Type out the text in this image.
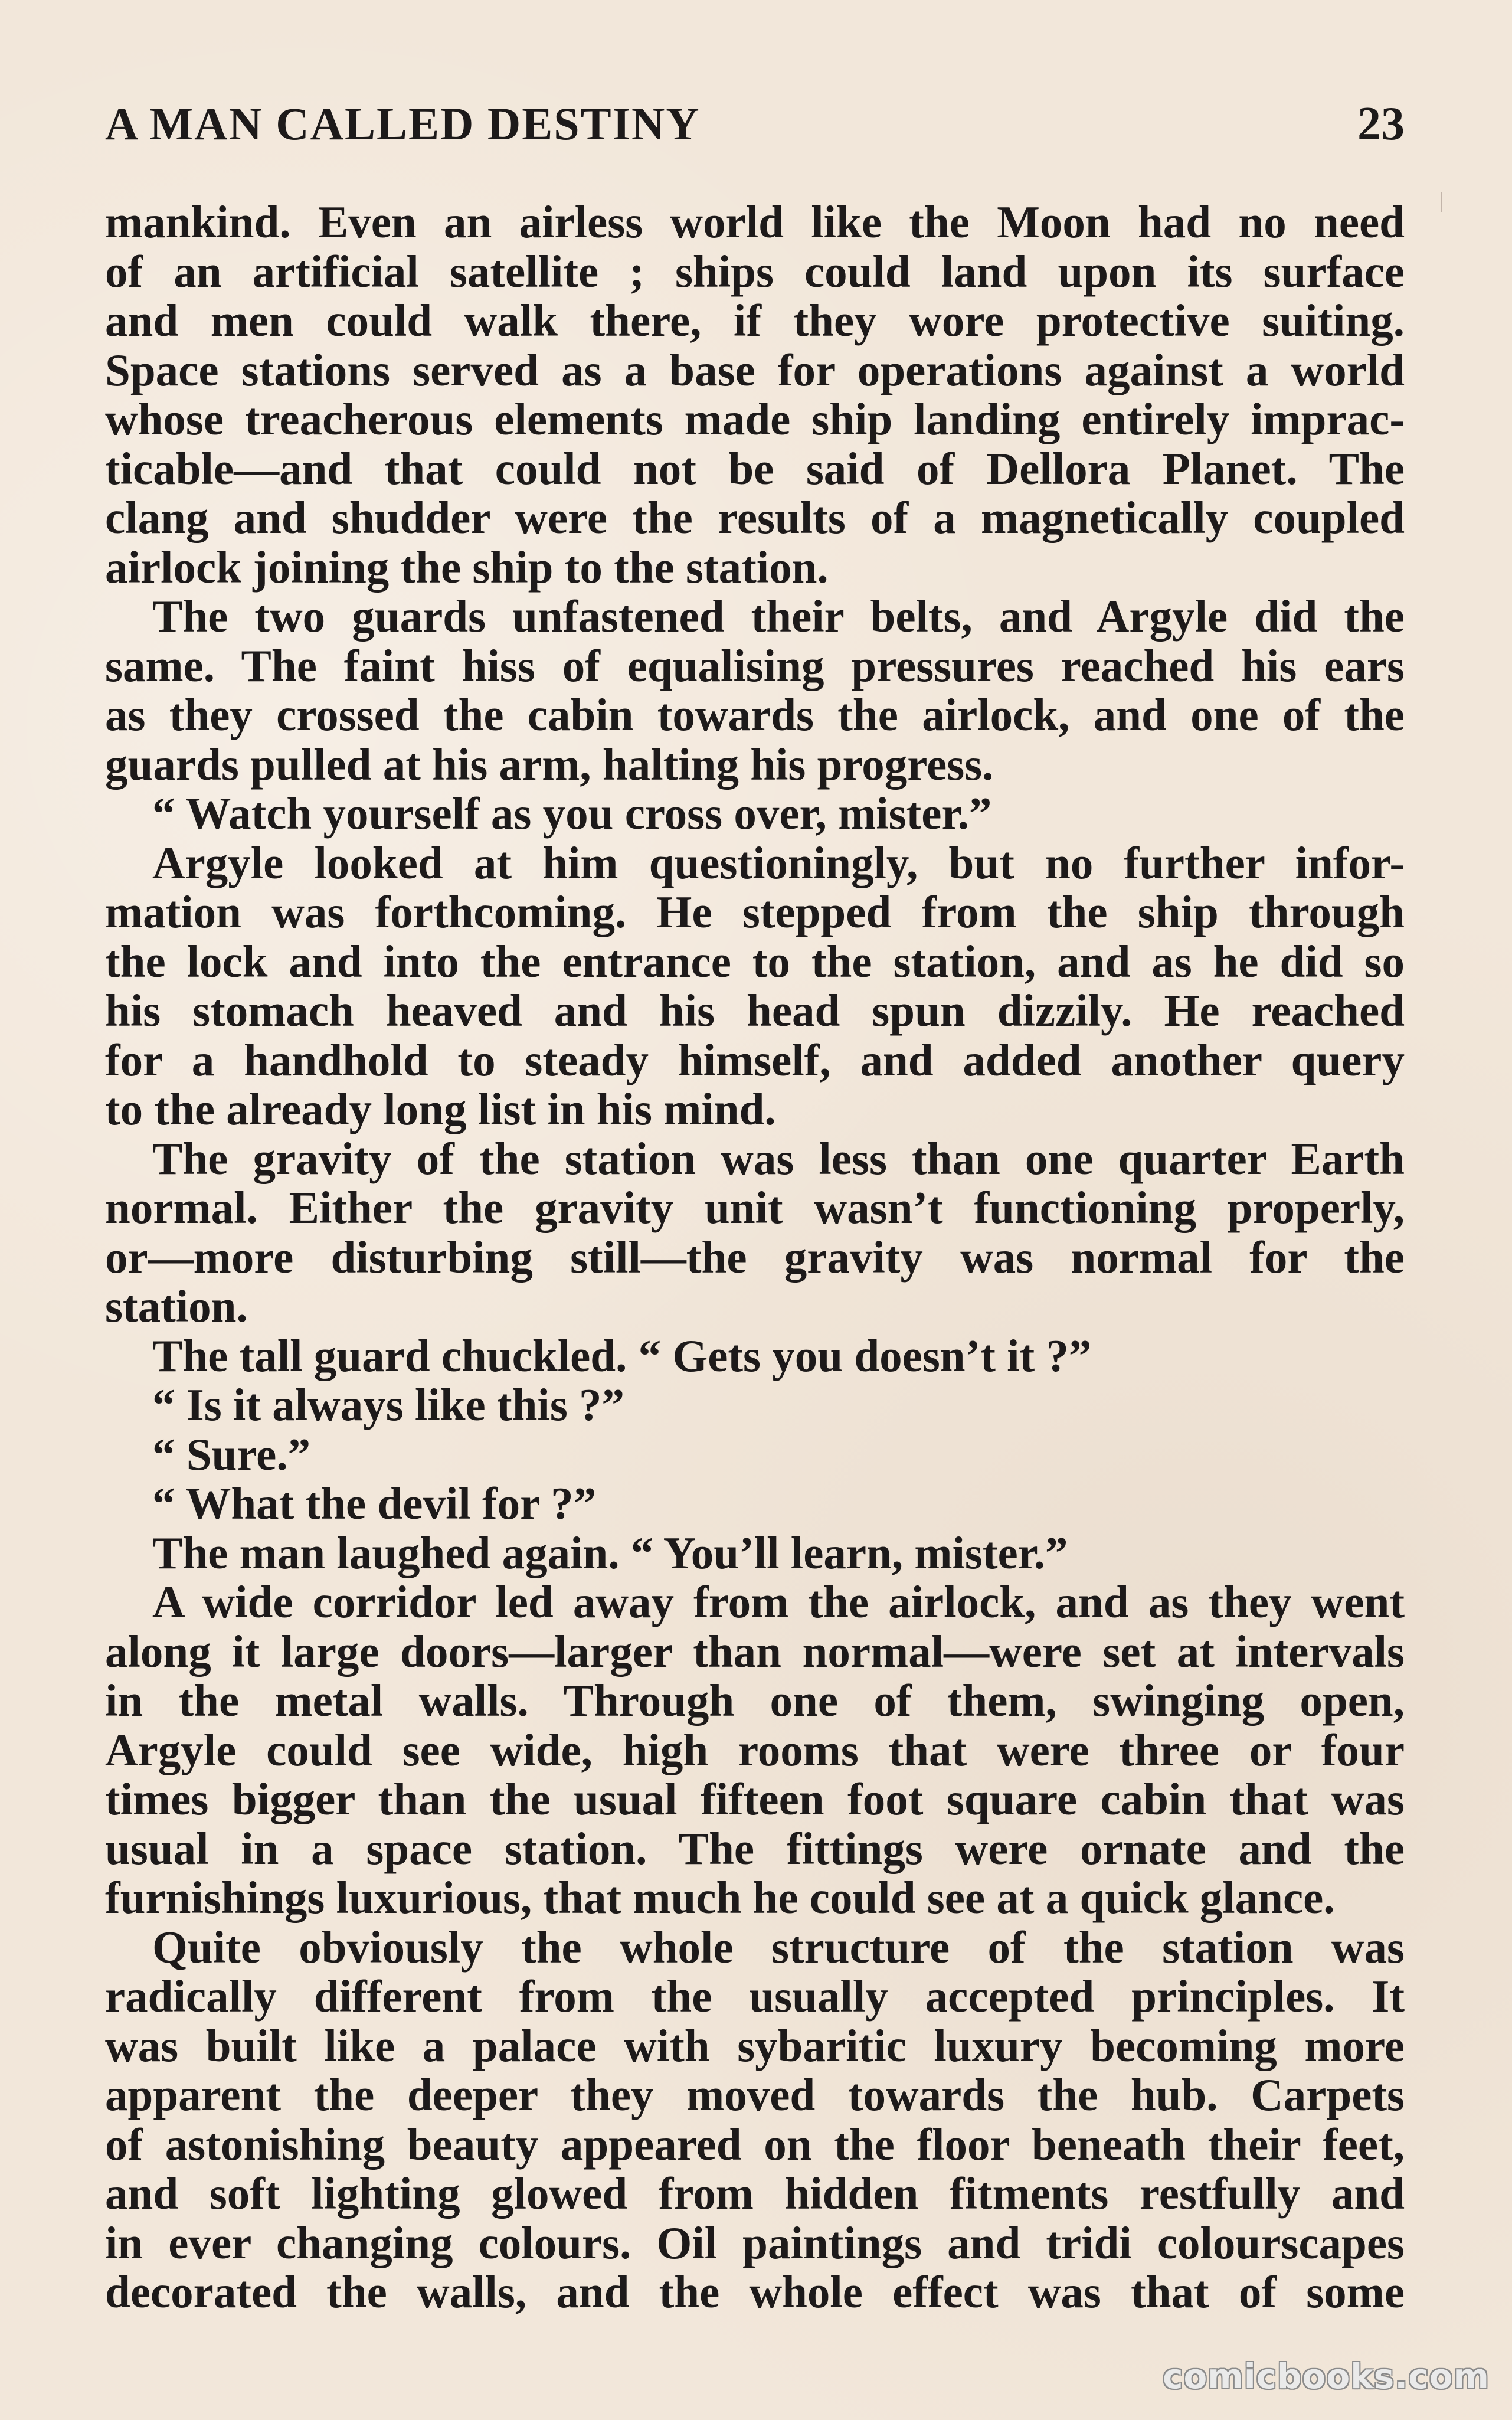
A MAN CALLED DESTINY	23
mankind. Even an airless world like the Moon had no need
of an artificial satellite ; ships could land upon its surface
and men could walk there, if they wore protective suiting.
Space stations served as a base for operations against a world
whose treacherous elements made ship landing entirely imprac-
ticable—and that could not be said of Dellora Planet. The
clang and shudder were the results of a magnetically coupled
airlock joining the ship to the station.
The two guards unfastened their belts, and Argyle did the
same. The faint hiss of equalising pressures reached his ears
as they crossed the cabin towards the airlock, and one of the
guards pulled at his arm, halting his progress.
“ Watch yourself as you cross over, mister.”
Argyle looked at him questioningly, but no further infor-
mation was forthcoming. He stepped from the ship through
the lock and into the entrance to the station, and as he did so
his stomach heaved and his head spun dizzily. He reached
for a handhold to steady himself, and added another query
to the already long list in his mind.
The gravity of the station was less than one quarter Earth
normal. Either the gravity unit wasn’t functioning properly,
or—more disturbing still—the gravity was normal for the
station.
The tall guard chuckled. “ Gets you doesn’t it ?”
“ Is it always like this ?”
“ Sure.”
“ What the devil for ?”
The man laughed again. “ You’ll learn, mister.”
A wide corridor led away from the airlock, and as they went
along it large doors—larger than normal—were set at intervals
in the metal walls. Through one of them, swinging open,
Argyle could see wide, high rooms that were three or four
times bigger than the usual fifteen foot square cabin that was
usual in a space station. The fittings were ornate and the
furnishings luxurious, that much he could see at a quick glance.
Quite obviously the whole structure of the station was
radically different from the usually accepted principles. It
was built like a palace with sybaritic luxury becoming more
apparent the deeper they moved towards the hub. Carpets
of astonishing beauty appeared on the floor beneath their feet,
and soft lighting glowed from hidden fitments restfully and
in ever changing colours. Oil paintings and tridi colourscapes
decorated the walls, and the whole effect was that of some
comicbooks.com
